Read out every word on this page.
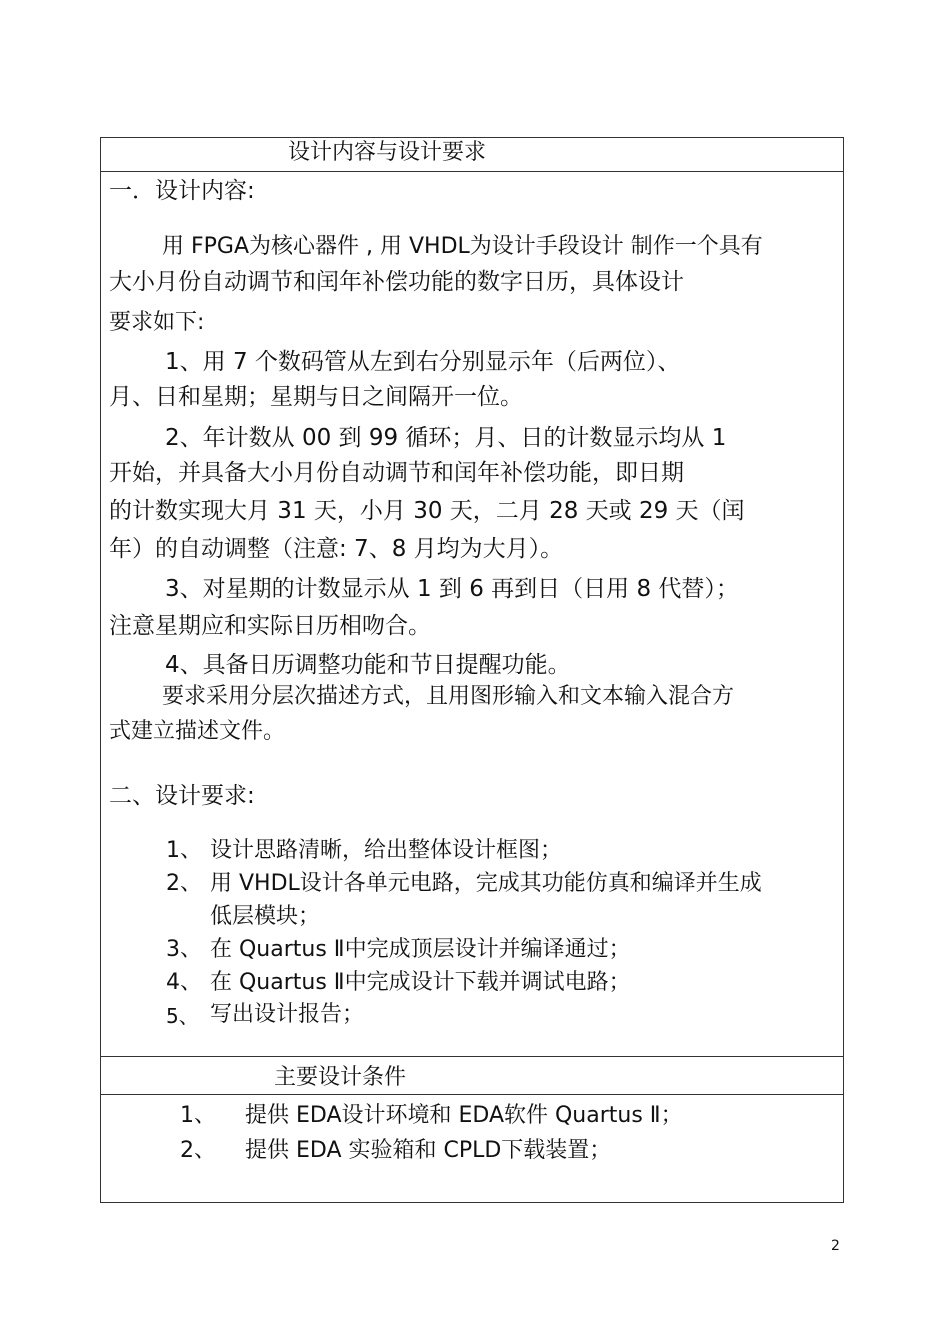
设计内容与设计要求
一．设计内容:
用 FPGA为核心器件 , 用 VHDL为设计手段设计 制作一个具有
大小月份自动调节和闰年补偿功能的数字日历，具体设计
要求如下:
1、用 7 个数码管从左到右分别显示年（后两位）、
月、日和星期；星期与日之间隔开一位。
2、年计数从 00 到 99 循环；月、日的计数显示均从 1
开始，并具备大小月份自动调节和闰年补偿功能，即日期
的计数实现大月 31 天，小月 30 天，二月 28 天或 29 天（闰
年）的自动调整（注意: 7、8 月均为大月）。
3、对星期的计数显示从 1 到 6 再到日（日用 8 代替）；
注意星期应和实际日历相吻合。
4、具备日历调整功能和节日提醒功能。
要求采用分层次描述方式，且用图形输入和文本输入混合方
式建立描述文件。
二、设计要求:
1、 设计思路清晰，给出整体设计框图；
2、 用 VHDL设计各单元电路，完成其功能仿真和编译并生成
低层模块；
3、 在 Quartus Ⅱ中完成顶层设计并编译通过；
4、 在 Quartus Ⅱ中完成设计下载并调试电路；
5、 写出设计报告；
主要设计条件
1、 提供 EDA设计环境和 EDA软件 Quartus Ⅱ；
2、 提供 EDA 实验箱和 CPLD下载装置；
2
